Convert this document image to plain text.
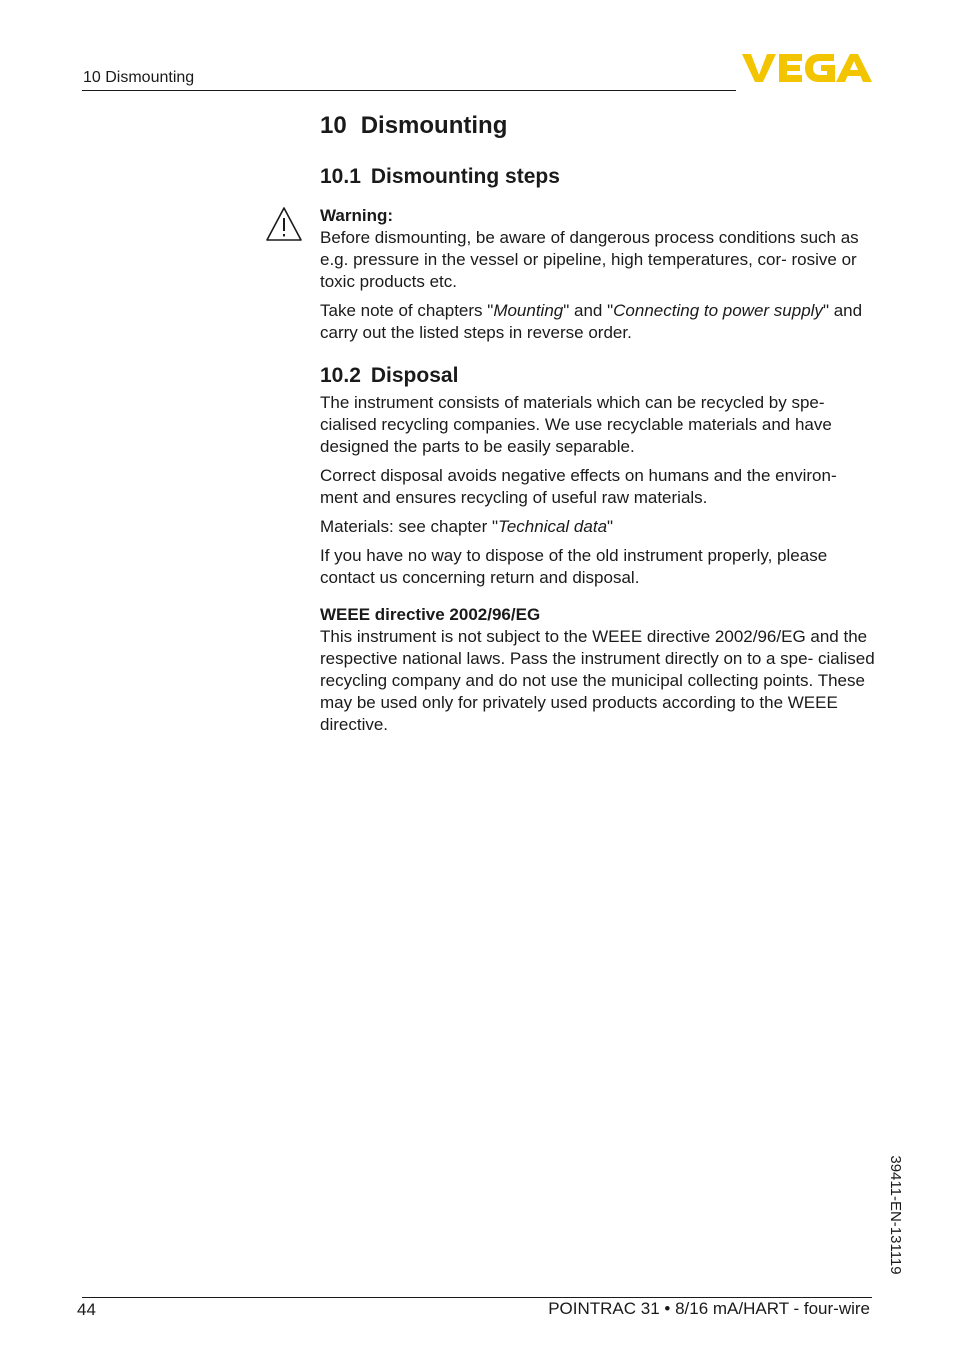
10 Dismounting
10 Dismounting
10.1 Dismounting steps

Warning:

Before dismounting, be aware of dangerous process conditions such as e.g. pressure in the vessel or pipeline, high temperatures, cor- rosive or toxic products etc.

Take note of chapters "Mounting" and "Connecting to power supply" and carry out the listed steps in reverse order.

10.2 Disposal

The instrument consists of materials which can be recycled by spe- cialised recycling companies. We use recyclable materials and have designed the parts to be easily separable.

Correct disposal avoids negative effects on humans and the environ- ment and ensures recycling of useful raw materials.

Materials: see chapter "Technical data"

If you have no way to dispose of the old instrument properly, please contact us concerning return and disposal.

WEEE directive 2002/96/EG

This instrument is not subject to the WEEE directive 2002/96/EG and the respective national laws. Pass the instrument directly on to a spe- cialised recycling company and do not use the municipal collecting points. These may be used only for privately used products according to the WEEE directive.

44	POINTRAC 31 • 8/16 mA/HART - four-wire
39411-EN-131119
